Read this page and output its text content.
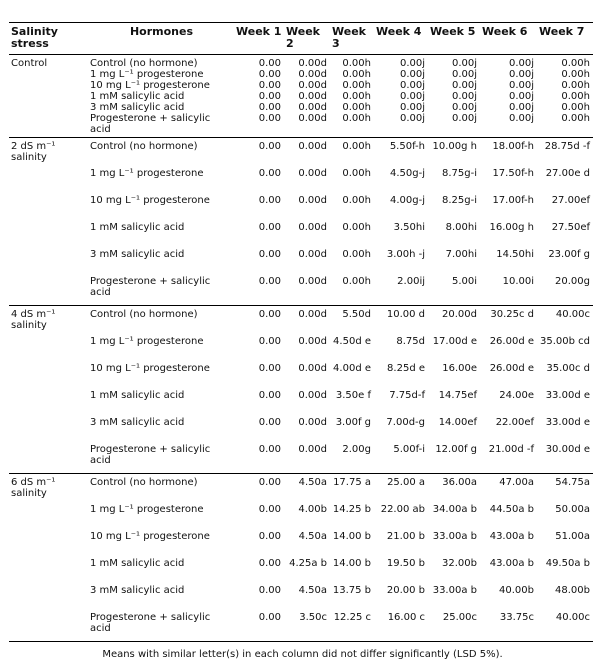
Salinity stress	Hormones	Week 1	Week 2	Week 3	Week 4	Week 5	Week 6	Week 7
Control	Control (no hormone)	0.00	0.00d	0.00h	0.00j	0.00j	0.00j	0.00h
	1 mg L⁻¹ progesterone	0.00	0.00d	0.00h	0.00j	0.00j	0.00j	0.00h
	10 mg L⁻¹ progesterone	0.00	0.00d	0.00h	0.00j	0.00j	0.00j	0.00h
	1 mM salicylic acid	0.00	0.00d	0.00h	0.00j	0.00j	0.00j	0.00h
	3 mM salicylic acid	0.00	0.00d	0.00h	0.00j	0.00j	0.00j	0.00h
	Progesterone + salicylic acid	0.00	0.00d	0.00h	0.00j	0.00j	0.00j	0.00h
2 dS m⁻¹ salinity	Control (no hormone)	0.00	0.00d	0.00h	5.50f-h	10.00g h	18.00f-h	28.75d -f
	1 mg L⁻¹ progesterone	0.00	0.00d	0.00h	4.50g-j	8.75g-i	17.50f-h	27.00e d
	10 mg L⁻¹ progesterone	0.00	0.00d	0.00h	4.00g-j	8.25g-i	17.00f-h	27.00ef
	1 mM salicylic acid	0.00	0.00d	0.00h	3.50hi	8.00hi	16.00g h	27.50ef
	3 mM salicylic acid	0.00	0.00d	0.00h	3.00h -j	7.00hi	14.50hi	23.00f g
	Progesterone + salicylic acid	0.00	0.00d	0.00h	2.00ij	5.00i	10.00i	20.00g
4 dS m⁻¹ salinity	Control (no hormone)	0.00	0.00d	5.50d	10.00 d	20.00d	30.25c d	40.00c
	1 mg L⁻¹ progesterone	0.00	0.00d	4.50d e	8.75d	17.00d e	26.00d e	35.00b cd
	10 mg L⁻¹ progesterone	0.00	0.00d	4.00d e	8.25d e	16.00e	26.00d e	35.00c d
	1 mM salicylic acid	0.00	0.00d	3.50e f	7.75d-f	14.75ef	24.00e	33.00d e
	3 mM salicylic acid	0.00	0.00d	3.00f g	7.00d-g	14.00ef	22.00ef	33.00d e
	Progesterone + salicylic acid	0.00	0.00d	2.00g	5.00f-i	12.00f g	21.00d -f	30.00d e
6 dS m⁻¹ salinity	Control (no hormone)	0.00	4.50a	17.75 a	25.00 a	36.00a	47.00a	54.75a
	1 mg L⁻¹ progesterone	0.00	4.00b	14.25 b	22.00 ab	34.00a b	44.50a b	50.00a
	10 mg L⁻¹ progesterone	0.00	4.50a	14.00 b	21.00 b	33.00a b	43.00a b	51.00a
	1 mM salicylic acid	0.00	4.25a b	14.00 b	19.50 b	32.00b	43.00a b	49.50a b
	3 mM salicylic acid	0.00	4.50a	13.75 b	20.00 b	33.00a b	40.00b	48.00b
	Progesterone + salicylic acid	0.00	3.50c	12.25 c	16.00 c	25.00c	33.75c	40.00c
Means with similar letter(s) in each column did not differ significantly (LSD 5%).
